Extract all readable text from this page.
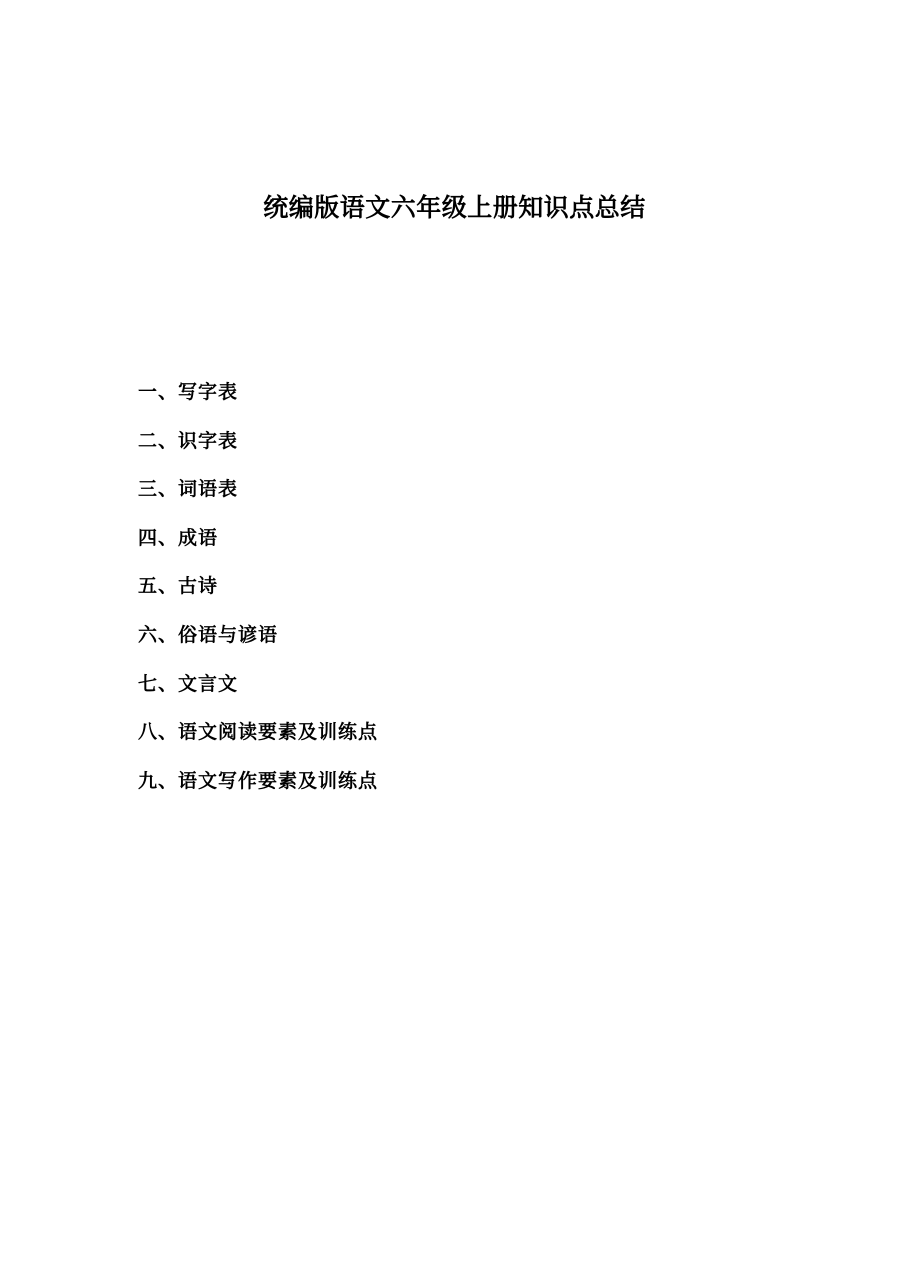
统编版语文六年级上册知识点总结
一、写字表
二、识字表
三、词语表
四、成语
五、古诗
六、俗语与谚语
七、文言文
八、语文阅读要素及训练点
九、语文写作要素及训练点
